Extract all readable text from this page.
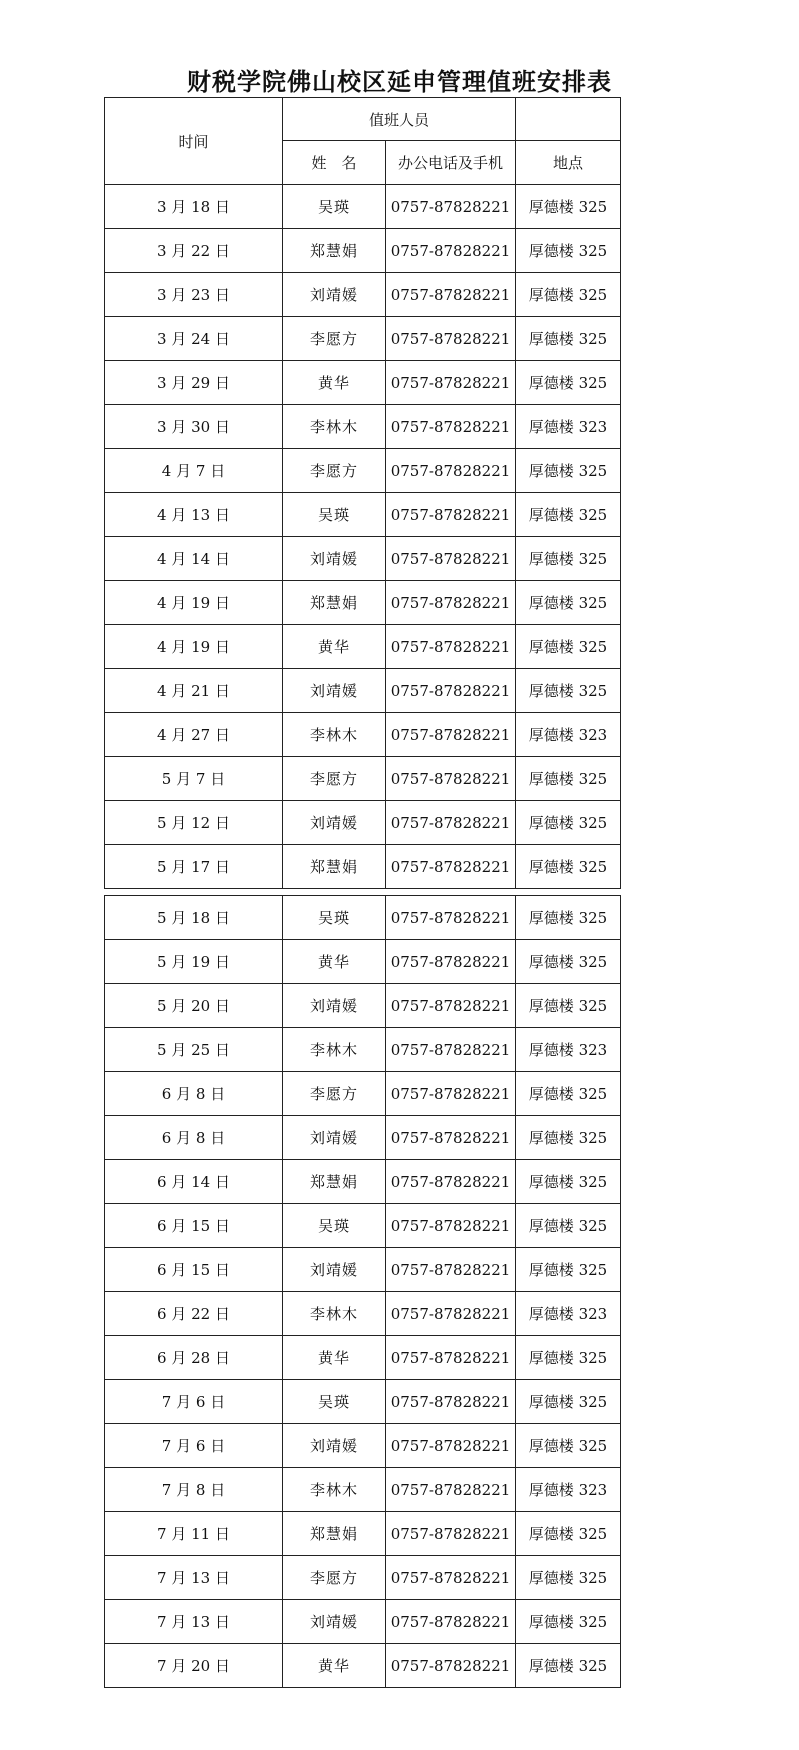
财税学院佛山校区延申管理值班安排表
时间	值班人员		
	姓　名	办公电话及手机	地点
3 月 18 日	吴瑛	0757-87828221	厚德楼 325
3 月 22 日	郑慧娟	0757-87828221	厚德楼 325
3 月 23 日	刘靖媛	0757-87828221	厚德楼 325
3 月 24 日	李愿方	0757-87828221	厚德楼 325
3 月 29 日	黄华	0757-87828221	厚德楼 325
3 月 30 日	李林木	0757-87828221	厚德楼 323
4 月 7 日	李愿方	0757-87828221	厚德楼 325
4 月 13 日	吴瑛	0757-87828221	厚德楼 325
4 月 14 日	刘靖媛	0757-87828221	厚德楼 325
4 月 19 日	郑慧娟	0757-87828221	厚德楼 325
4 月 19 日	黄华	0757-87828221	厚德楼 325
4 月 21 日	刘靖媛	0757-87828221	厚德楼 325
4 月 27 日	李林木	0757-87828221	厚德楼 323
5 月 7 日	李愿方	0757-87828221	厚德楼 325
5 月 12 日	刘靖媛	0757-87828221	厚德楼 325
5 月 17 日	郑慧娟	0757-87828221	厚德楼 325
5 月 18 日	吴瑛	0757-87828221	厚德楼 325
5 月 19 日	黄华	0757-87828221	厚德楼 325
5 月 20 日	刘靖媛	0757-87828221	厚德楼 325
5 月 25 日	李林木	0757-87828221	厚德楼 323
6 月 8 日	李愿方	0757-87828221	厚德楼 325
6 月 8 日	刘靖媛	0757-87828221	厚德楼 325
6 月 14 日	郑慧娟	0757-87828221	厚德楼 325
6 月 15 日	吴瑛	0757-87828221	厚德楼 325
6 月 15 日	刘靖媛	0757-87828221	厚德楼 325
6 月 22 日	李林木	0757-87828221	厚德楼 323
6 月 28 日	黄华	0757-87828221	厚德楼 325
7 月 6 日	吴瑛	0757-87828221	厚德楼 325
7 月 6 日	刘靖媛	0757-87828221	厚德楼 325
7 月 8 日	李林木	0757-87828221	厚德楼 323
7 月 11 日	郑慧娟	0757-87828221	厚德楼 325
7 月 13 日	李愿方	0757-87828221	厚德楼 325
7 月 13 日	刘靖媛	0757-87828221	厚德楼 325
7 月 20 日	黄华	0757-87828221	厚德楼 325
